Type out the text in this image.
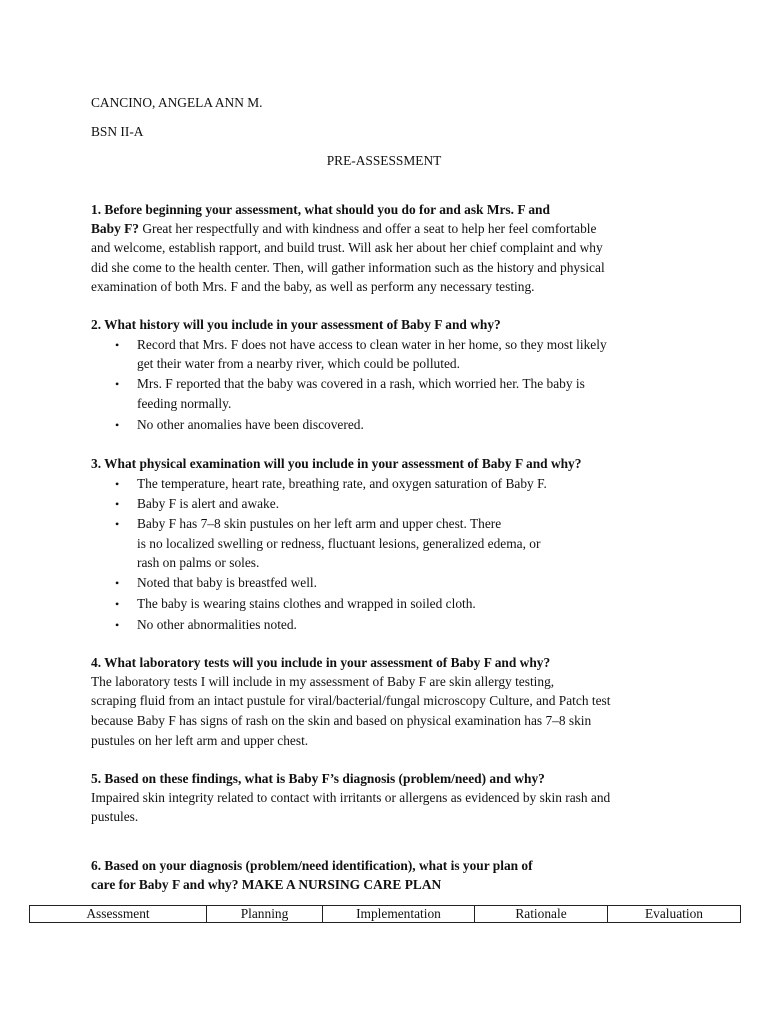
CANCINO, ANGELA ANN M.
BSN II-A
PRE-ASSESSMENT
1. Before beginning your assessment, what should you do for and ask Mrs. F and
Baby F? Great her respectfully and with kindness and offer a seat to help her feel comfortable
and welcome, establish rapport, and build trust. Will ask her about her chief complaint and why
did she come to the health center. Then, will gather information such as the history and physical
examination of both Mrs. F and the baby, as well as perform any necessary testing.
2. What history will you include in your assessment of Baby F and why?
• Record that Mrs. F does not have access to clean water in her home, so they most likely
get their water from a nearby river, which could be polluted.
• Mrs. F reported that the baby was covered in a rash, which worried her. The baby is
feeding normally.
• No other anomalies have been discovered.
3. What physical examination will you include in your assessment of Baby F and why?
• The temperature, heart rate, breathing rate, and oxygen saturation of Baby F.
• Baby F is alert and awake.
• Baby F has 7–8 skin pustules on her left arm and upper chest. There
is no localized swelling or redness, fluctuant lesions, generalized edema, or
rash on palms or soles.
• Noted that baby is breastfed well.
• The baby is wearing stains clothes and wrapped in soiled cloth.
• No other abnormalities noted.
4. What laboratory tests will you include in your assessment of Baby F and why?
The laboratory tests I will include in my assessment of Baby F are skin allergy testing,
scraping fluid from an intact pustule for viral/bacterial/fungal microscopy Culture, and Patch test
because Baby F has signs of rash on the skin and based on physical examination has 7–8 skin
pustules on her left arm and upper chest.
5. Based on these findings, what is Baby F’s diagnosis (problem/need) and why?
Impaired skin integrity related to contact with irritants or allergens as evidenced by skin rash and
pustules.
6. Based on your diagnosis (problem/need identification), what is your plan of
care for Baby F and why? MAKE A NURSING CARE PLAN
Assessment	Planning	Implementation	Rationale	Evaluation
